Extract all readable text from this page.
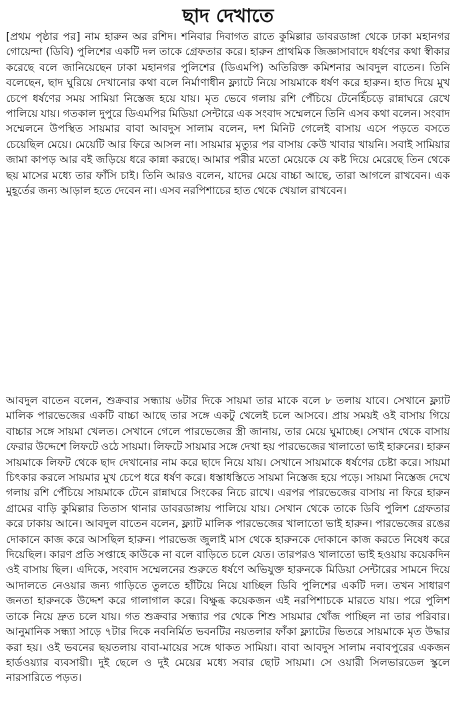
ছাদ দেখাতে

[প্রথম পৃষ্ঠার পর] নাম হারুন অর রশিদ। শনিবার দিবাগত রাতে কুমিল্লার ডাবরডাঙ্গা থেকে ঢাকা মহানগর গোয়েন্দা (ডিবি) পুলিশের একটি দল তাকে গ্রেফতার করে। হারুন প্রাথমিক জিজ্ঞাসাবাদে ধর্ষণের কথা স্বীকার করেছে বলে জানিয়েছেন ঢাকা মহানগর পুলিশের (ডিএমপি) অতিরিক্ত কমিশনার আবদুল বাতেন। তিনি বলেছেন, ছাদ ঘুরিয়ে দেখানোর কথা বলে নির্মাণাধীন ফ্ল্যাটে নিয়ে সায়মাকে ধর্ষণ করে হারুন। হাত দিয়ে মুখ চেপে ধর্ষণের সময় সামিয়া নিস্তেজ হয়ে যায়। মৃত ভেবে গলায় রশি পেঁচিয়ে টেনেহিঁচড়ে রান্নাঘরে রেখে পালিয়ে যায়। গতকাল দুপুরে ডিএমপির মিডিয়া সেন্টারে এক সংবাদ সম্মেলনে তিনি এসব কথা বলেন। সংবাদ সম্মেলনে উপস্থিত সায়মার বাবা আবদুস সালাম বলেন, দশ মিনিট গেলেই বাসায় এসে পড়তে বসতে চেয়েছিল মেয়ে। মেয়েটি আর ফিরে আসল না। সায়মার মৃত্যুর পর বাসায় কেউ খাবার খায়নি। সবাই সামিয়ার জামা কাপড় আর বই জড়িয়ে ধরে কান্না করছে। আমার পরীর মতো মেয়েকে যে কষ্ট দিয়ে মেরেছে তিন থেকে ছয় মাসের মধ্যে তার ফাঁসি চাই। তিনি আরও বলেন, যাদের মেয়ে বাচ্চা আছে, তারা আগলে রাখবেন। এক মুহূর্তের জন্য আড়াল হতে দেবেন না। এসব নরপিশাচের হাত থেকে খেয়াল রাখবেন।

আবদুল বাতেন বলেন, শুক্রবার সন্ধ্যায় ৬টার দিকে সায়মা তার মাকে বলে ৮ তলায় যাবে। সেখানে ফ্ল্যাট মালিক পারভেজের একটি বাচ্চা আছে তার সঙ্গে একটু খেলেই চলে আসবে। প্রায় সময়ই ওই বাসায় গিয়ে বাচ্চার সঙ্গে সায়মা খেলত। সেখানে গেলে পারভেজের স্ত্রী জানায়, তার মেয়ে ঘুমাচ্ছে। সেখান থেকে বাসায় ফেরার উদ্দেশে লিফটে ওঠে সায়মা। লিফটে সায়মার সঙ্গে দেখা হয় পারভেজের খালাতো ভাই হারুনের। হারুন সায়মাকে লিফট থেকে ছাদ দেখানোর নাম করে ছাদে নিয়ে যায়। সেখানে সায়মাকে ধর্ষণের চেষ্টা করে। সায়মা চিৎকার করলে সায়মার মুখ চেপে ধরে ধর্ষণ করে। ধস্তাধস্তিতে সায়মা নিস্তেজ হয়ে পড়ে। সায়মা নিস্তেজ দেখে গলায় রশি পেঁচিয়ে সায়মাকে টেনে রান্নাঘরে সিংকের নিচে রাখে। এরপর পারভেজের বাসায় না ফিরে হারুন গ্রামের বাড়ি কুমিল্লার তিতাস থানার ডাবরডাঙ্গায় পালিয়ে যায়। সেখান থেকে তাকে ডিবি পুলিশ গ্রেফতার করে ঢাকায় আনে। আবদুল বাতেন বলেন, ফ্ল্যাট মালিক পারভেজের খালাতো ভাই হারুন। পারভেজের রঙের দোকানে কাজ করে আসছিল হারুন। পারভেজ জুলাই মাস থেকে হারুনকে দোকানে কাজ করতে নিষেধ করে দিয়েছিল। কারণ প্রতি সপ্তাহে কাউকে না বলে বাড়িতে চলে যেত। তারপরও খালাতো ভাই হওয়ায় কয়েকদিন ওই বাসায় ছিল। এদিকে, সংবাদ সম্মেলনের শুরুতে ধর্ষণে অভিযুক্ত হারুনকে মিডিয়া সেন্টারের সামনে দিয়ে আদালতে নেওয়ার জন্য গাড়িতে তুলতে হাঁটিয়ে নিয়ে যাচ্ছিল ডিবি পুলিশের একটি দল। তখন সাধারণ জনতা হারুনকে উদ্দেশ করে গালাগাল করে। বিক্ষুব্ধ কয়েকজন এই নরপিশাচকে মারতে যায়। পরে পুলিশ তাকে নিয়ে দ্রুত চলে যায়। গত শুক্রবার সন্ধ্যার পর থেকে শিশু সায়মার খোঁজ পাচ্ছিল না তার পরিবার। আনুমানিক সন্ধ্যা সাড়ে ৭টার দিকে নবনির্মিত ভবনটির নয়তলার ফাঁকা ফ্ল্যাটের ভিতরে সায়মাকে মৃত উদ্ধার করা হয়। ওই ভবনের ছয়তলায় বাবা-মায়ের সঙ্গে থাকত সামিয়া। বাবা আবদুস সালাম নবাবপুরের একজন হার্ডওয়্যার ব্যবসায়ী। দুই ছেলে ও দুই মেয়ের মধ্যে সবার ছোট সায়মা। সে ওয়ারী সিলভারডেল স্কুলে নারসারিতে পড়ত।
